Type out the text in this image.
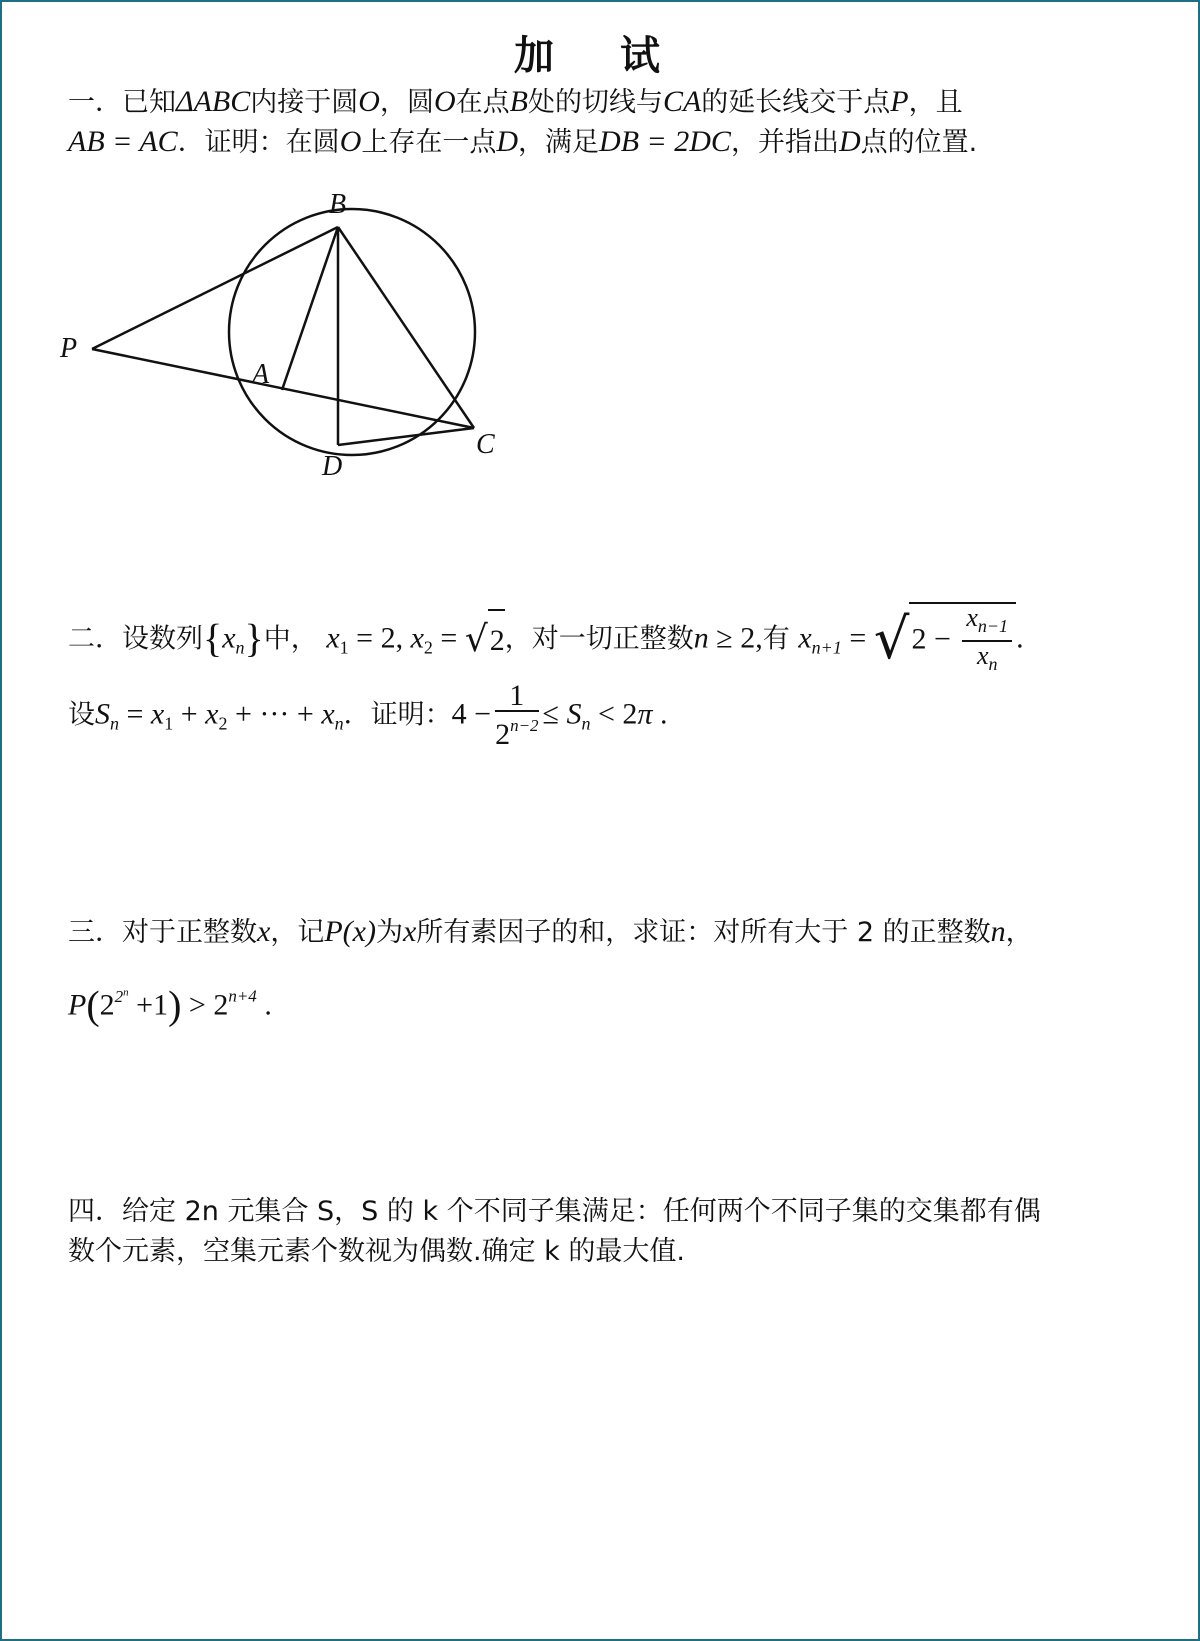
加 试
一．已知ΔABC内接于圆O，圆O在点B处的切线与CA的延长线交于点P，且
AB = AC．证明：在圆O上存在一点D，满足DB = 2DC，并指出D点的位置.
B
P
A
C
D
二．设数列$\{x_n\}$中， $x_1 = 2$, $x_2 = √2$，对一切正整数n ≥ 2,有 $x_{n+1} = √2 - \frac{x_{n-1}}{x_n}$ .
设$S_n = x_1 + x_2$ + ··· + $x_n$．证明：$4 - \frac{1}{2^{n-2}} \le S_n < 2\pi$ .
三．对于正整数x，记P(x)为x所有素因子的和，求证：对所有大于 2 的正整数n，
$P(2^{2^n} +1) > 2^{n+4}$ .
四．给定 2n 元集合 S，S 的 k 个不同子集满足：任何两个不同子集的交集都有偶
数个元素，空集元素个数视为偶数.确定 k 的最大值.
